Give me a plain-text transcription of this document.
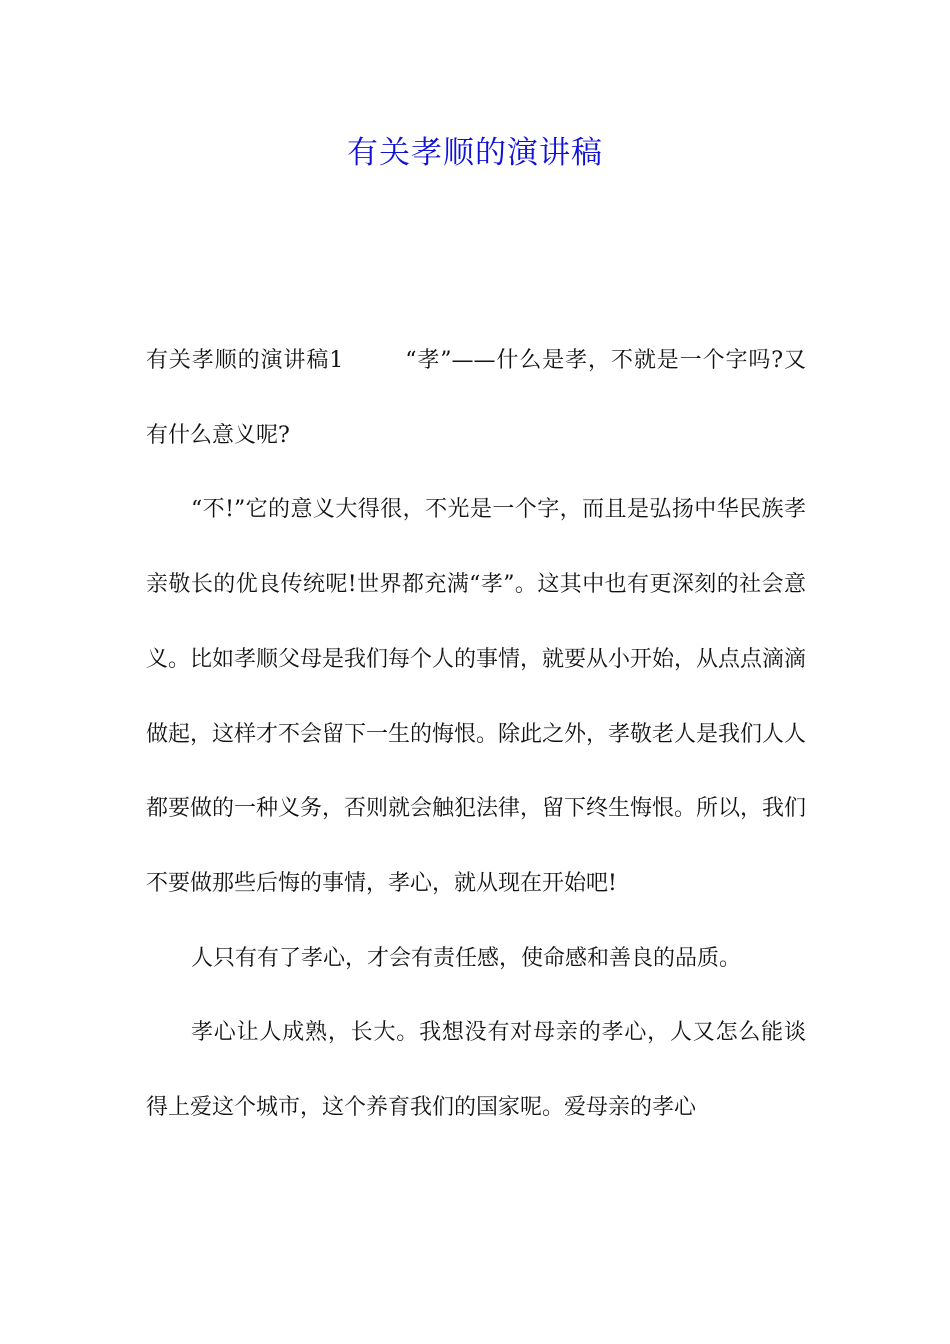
有关孝顺的演讲稿

有关孝顺的演讲稿1	“孝”——什么是孝，不就是一个字吗?又有什么意义呢?

“不!”它的意义大得很，不光是一个字，而且是弘扬中华民族孝亲敬长的优良传统呢!世界都充满“孝”。这其中也有更深刻的社会意义。比如孝顺父母是我们每个人的事情，就要从小开始，从点点滴滴做起，这样才不会留下一生的悔恨。除此之外，孝敬老人是我们人人都要做的一种义务，否则就会触犯法律，留下终生悔恨。所以，我们不要做那些后悔的事情，孝心，就从现在开始吧!

人只有有了孝心，才会有责任感，使命感和善良的品质。

孝心让人成熟，长大。我想没有对母亲的孝心，人又怎么能谈得上爱这个城市，这个养育我们的国家呢。爱母亲的孝心
